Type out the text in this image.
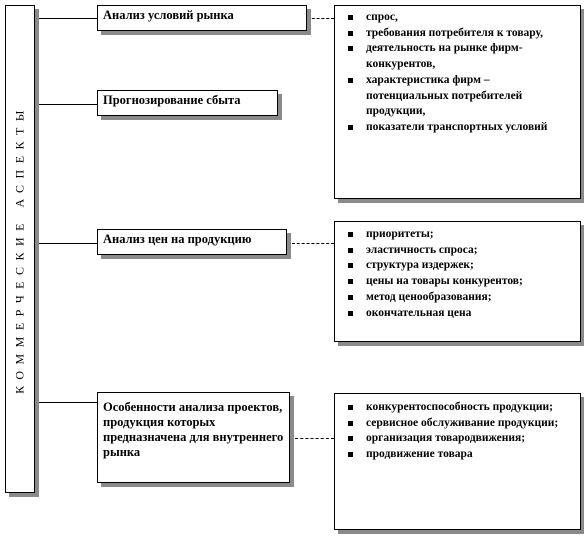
КОММЕРЧЕСКИЕ АСПЕКТЫ
Анализ условий рынка
Прогнозирование сбыта
Анализ цен на продукцию
Особенности анализа проектов, продукция которых предназначена для внутреннего рынка
спрос,
требования потребителя к товару,
деятельность на рынке фирм-конкурентов,
характеристика фирм – потенциальных потребителей продукции,
показатели транспортных условий
приоритеты;
эластичность спроса;
структура издержек;
цены на товары конкурентов;
метод ценообразования;
окончательная цена
конкурентоспособность продукции;
сервисное обслуживание продукции;
организация товародвижения;
продвижение товара
